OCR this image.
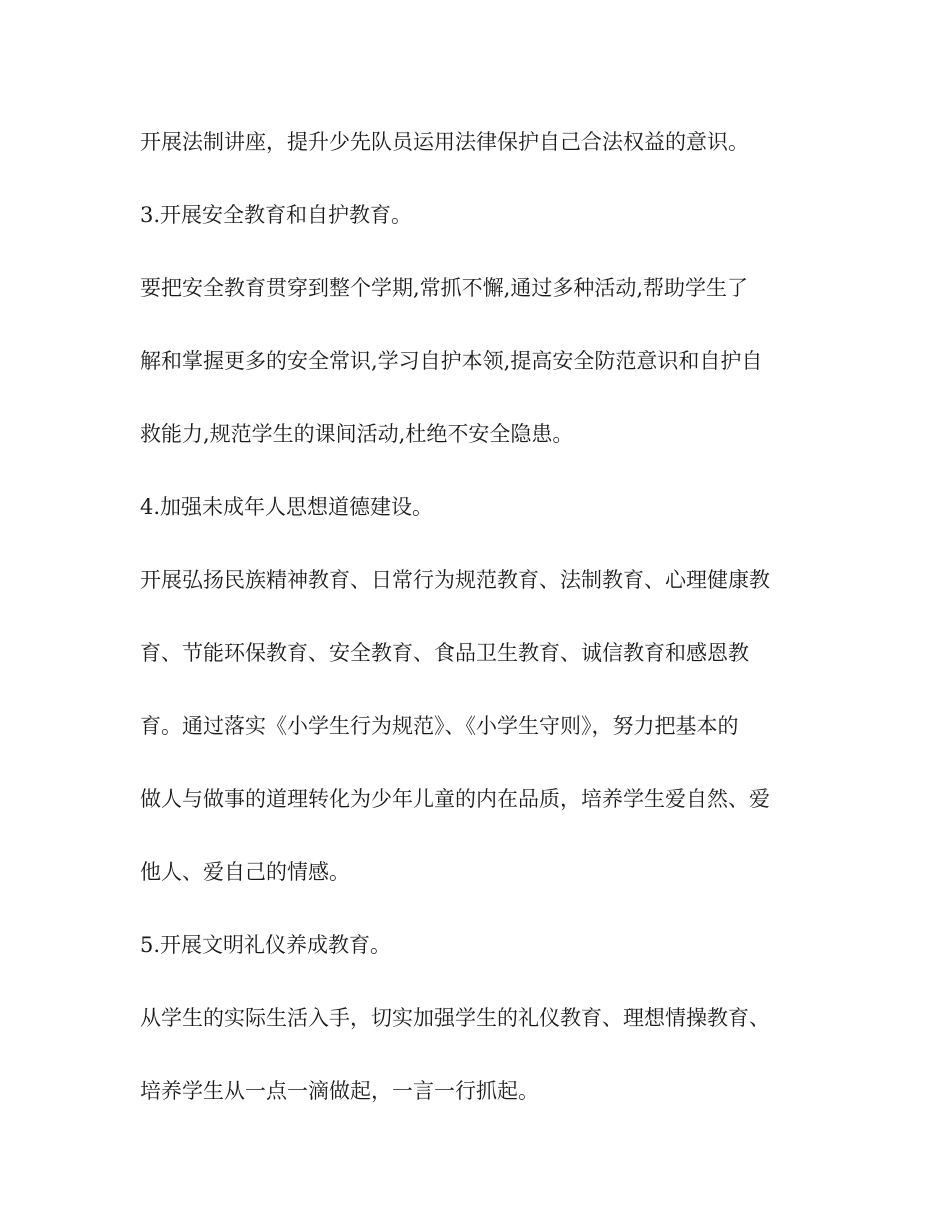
开展法制讲座，提升少先队员运用法律保护自己合法权益的意识。
3.开展安全教育和自护教育。
要把安全教育贯穿到整个学期,常抓不懈,通过多种活动,帮助学生了
解和掌握更多的安全常识,学习自护本领,提高安全防范意识和自护自
救能力,规范学生的课间活动,杜绝不安全隐患。
4.加强未成年人思想道德建设。
开展弘扬民族精神教育、日常行为规范教育、法制教育、心理健康教
育、节能环保教育、安全教育、食品卫生教育、诚信教育和感恩教
育。通过落实《小学生行为规范》、《小学生守则》，努力把基本的
做人与做事的道理转化为少年儿童的内在品质，培养学生爱自然、爱
他人、爱自己的情感。
5.开展文明礼仪养成教育。
从学生的实际生活入手，切实加强学生的礼仪教育、理想情操教育、
培养学生从一点一滴做起，一言一行抓起。
